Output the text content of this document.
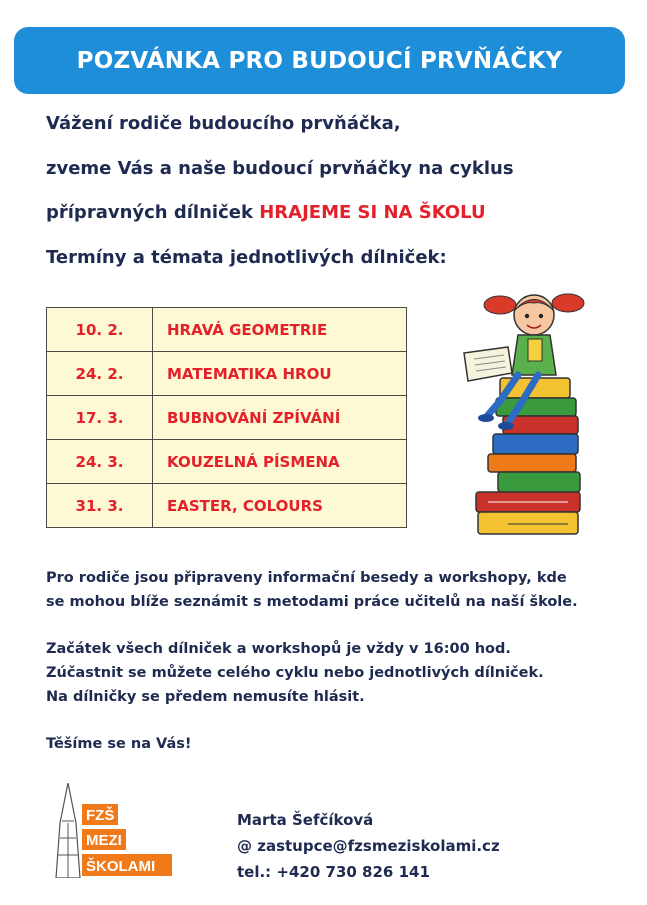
POZVÁNKA PRO BUDOUCÍ PRVŇÁČKY
Vážení rodiče budoucího prvňáčka,
zveme Vás a naše budoucí prvňáčky na cyklus
přípravných dílniček HRAJEME SI NA ŠKOLU
Termíny a témata jednotlivých dílniček:
10. 2.	HRAVÁ GEOMETRIE
24. 2.	MATEMATIKA HROU
17. 3.	BUBNOVÁNÍ ZPÍVÁNÍ
24. 3.	KOUZELNÁ PÍSMENA
31. 3.	EASTER, COLOURS
Pro rodiče jsou připraveny informační besedy a workshopy, kde
se mohou blíže seznámit s metodami práce učitelů na naší škole.
Začátek všech dílniček a workshopů je vždy v 16:00 hod.
Zúčastnit se můžete celého cyklu nebo jednotlivých dílniček.
Na dílničky se předem nemusíte hlásit.
Těšíme se na Vás!
FZŠ
MEZI
ŠKOLAMI
Marta Šefčíková
@ zastupce@fzsmeziskolami.cz
tel.: +420 730 826 141
